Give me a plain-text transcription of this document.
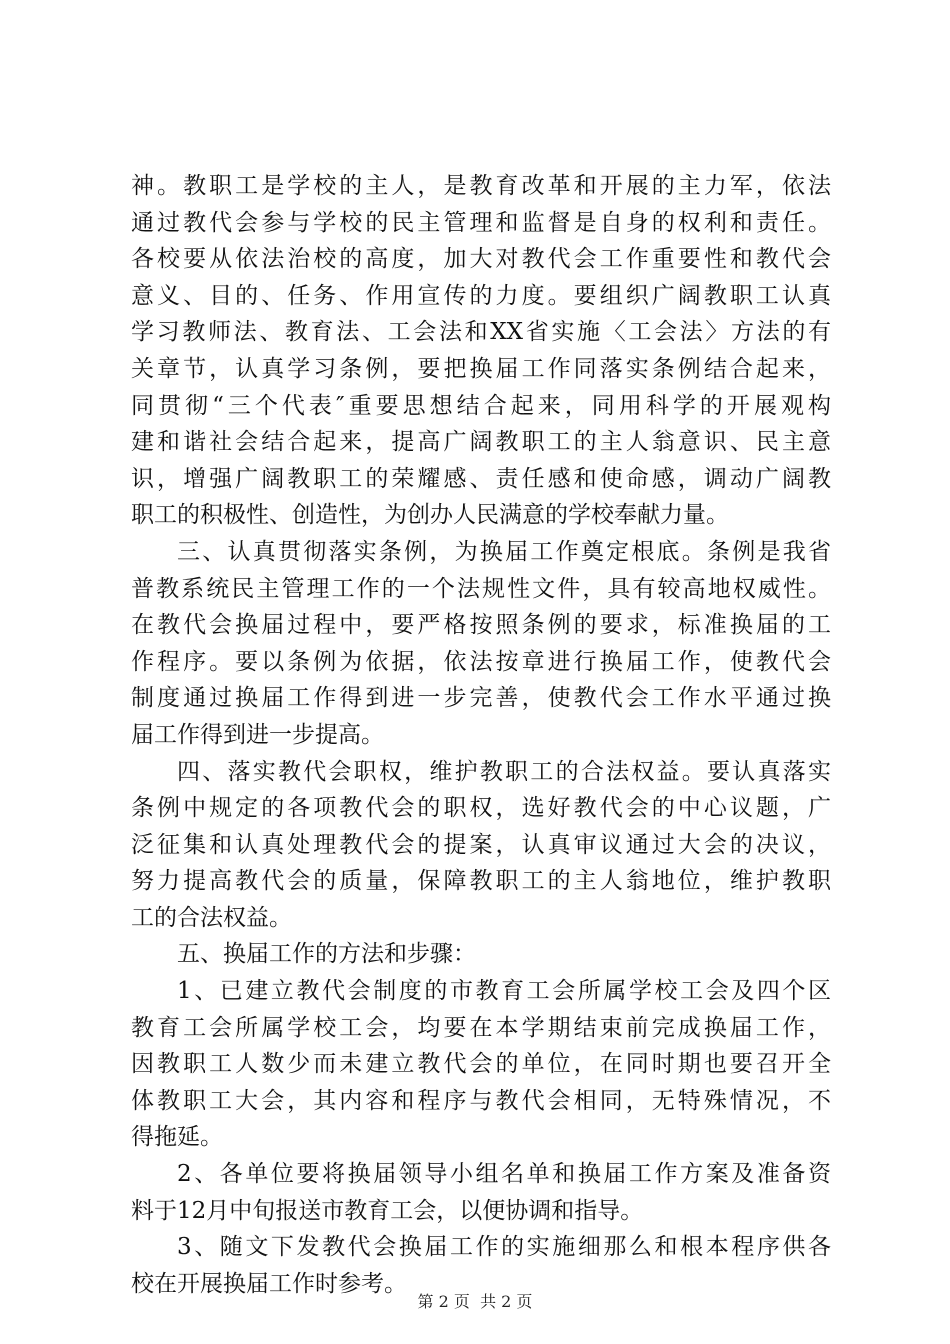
神。教职工是学校的主人，是教育改革和开展的主力军，依法
通过教代会参与学校的民主管理和监督是自身的权利和责任。
各校要从依法治校的高度，加大对教代会工作重要性和教代会
意义、目的、任务、作用宣传的力度。要组织广阔教职工认真
学习教师法、教育法、工会法和XX省实施〈工会法〉方法的有
关章节，认真学习条例，要把换届工作同落实条例结合起来，
同贯彻“三个代表″重要思想结合起来，同用科学的开展观构
建和谐社会结合起来，提高广阔教职工的主人翁意识、民主意
识，增强广阔教职工的荣耀感、责任感和使命感，调动广阔教
职工的积极性、创造性，为创办人民满意的学校奉献力量。
三、认真贯彻落实条例，为换届工作奠定根底。条例是我省
普教系统民主管理工作的一个法规性文件，具有较高地权威性。
在教代会换届过程中，要严格按照条例的要求，标准换届的工
作程序。要以条例为依据，依法按章进行换届工作，使教代会
制度通过换届工作得到进一步完善，使教代会工作水平通过换
届工作得到进一步提高。
四、落实教代会职权，维护教职工的合法权益。要认真落实
条例中规定的各项教代会的职权，选好教代会的中心议题，广
泛征集和认真处理教代会的提案，认真审议通过大会的决议，
努力提高教代会的质量，保障教职工的主人翁地位，维护教职
工的合法权益。
五、换届工作的方法和步骤：
1、已建立教代会制度的市教育工会所属学校工会及四个区
教育工会所属学校工会，均要在本学期结束前完成换届工作，
因教职工人数少而未建立教代会的单位，在同时期也要召开全
体教职工大会，其内容和程序与教代会相同，无特殊情况，不
得拖延。
2、各单位要将换届领导小组名单和换届工作方案及准备资
料于12月中旬报送市教育工会，以便协调和指导。
3、随文下发教代会换届工作的实施细那么和根本程序供各
校在开展换届工作时参考。
第 2 页  共 2 页
